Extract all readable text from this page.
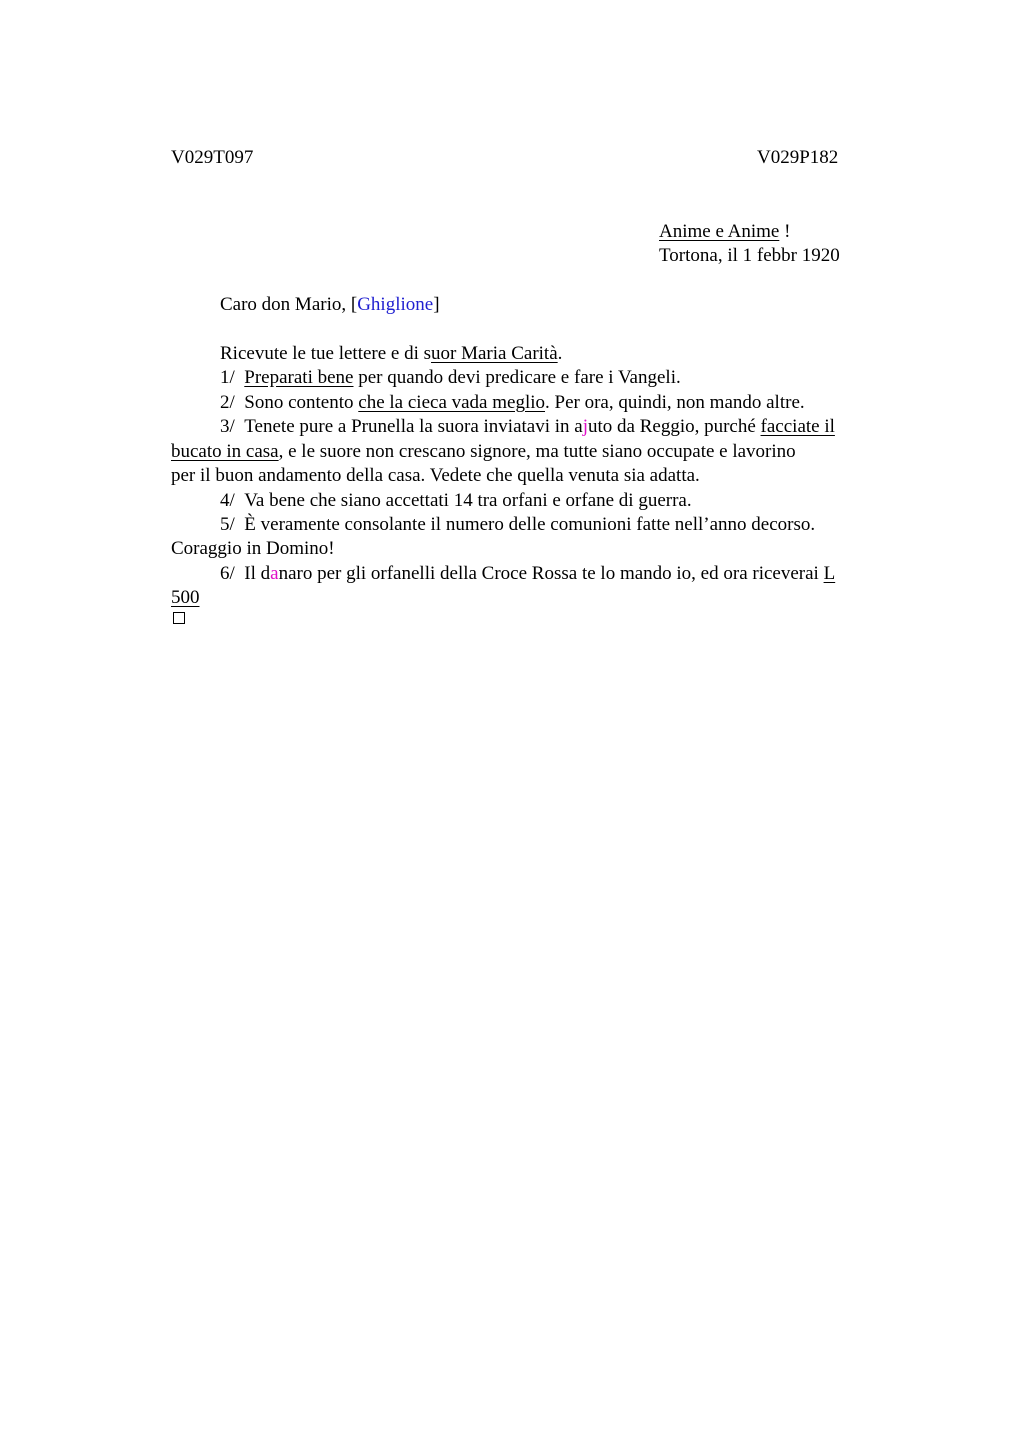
V029T097	V029P182
Anime e Anime !
Tortona, il 1 febbr 1920
Caro don Mario, [Ghiglione]
Ricevute le tue lettere e di suor Maria Carità.
1/ Preparati bene per quando devi predicare e fare i Vangeli.
2/ Sono contento che la cieca vada meglio. Per ora, quindi, non mando altre.
3/ Tenete pure a Prunella la suora inviatavi in ajuto da Reggio, purché facciate il
bucato in casa, e le suore non crescano signore, ma tutte siano occupate e lavorino
per il buon andamento della casa. Vedete che quella venuta sia adatta.
4/ Va bene che siano accettati 14 tra orfani e orfane di guerra.
5/ È veramente consolante il numero delle comunioni fatte nell’anno decorso.
Coraggio in Domino!
6/ Il danaro per gli orfanelli della Croce Rossa te lo mando io, ed ora riceverai L
500
